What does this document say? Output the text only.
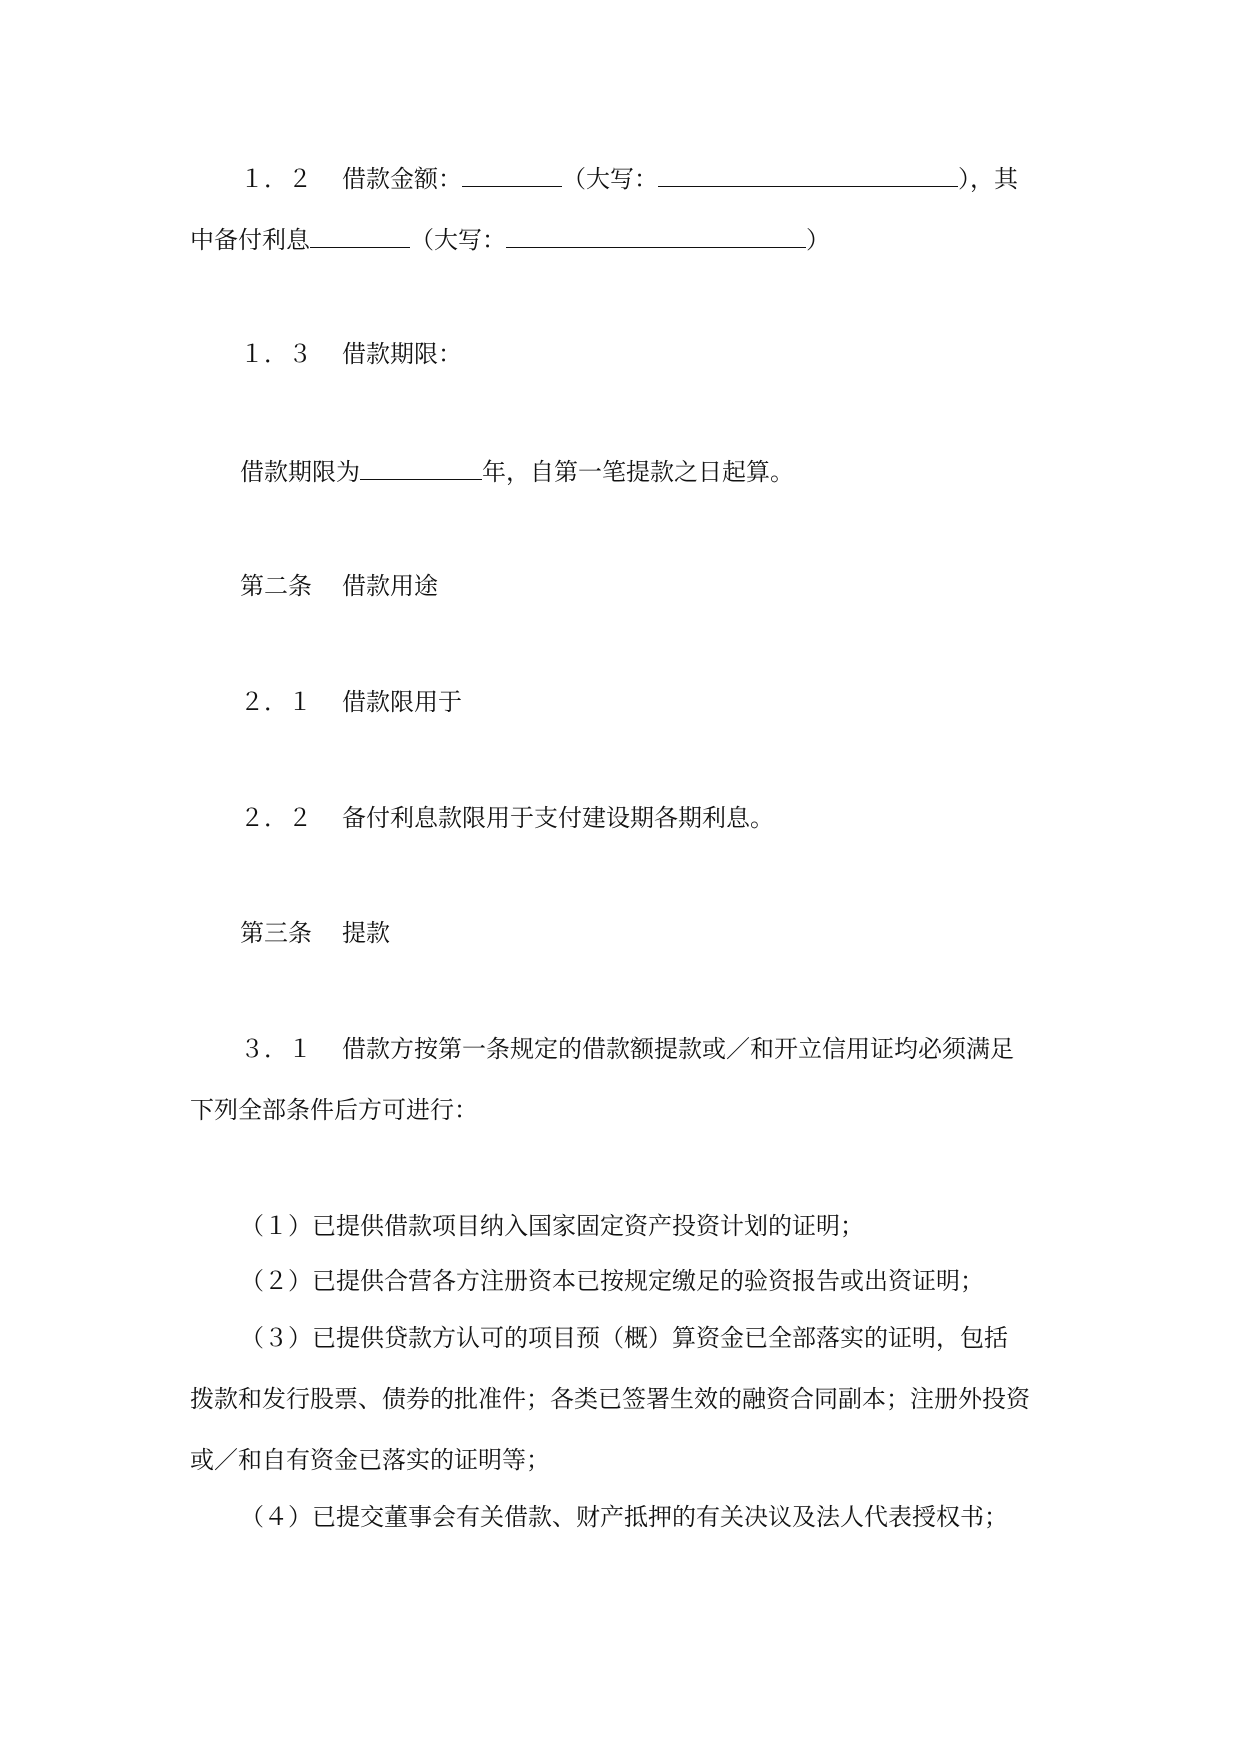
１．２ 借款金额：	（大写：	），其
中备付利息	（大写：	）
１．３ 借款期限：
借款期限为	年，自第一笔提款之日起算。
第二条 借款用途
２．１ 借款限用于
２．２ 备付利息款限用于支付建设期各期利息。
第三条 提款
３．１ 借款方按第一条规定的借款额提款或／和开立信用证均必须满足
下列全部条件后方可进行：
（１）已提供借款项目纳入国家固定资产投资计划的证明；
（２）已提供合营各方注册资本已按规定缴足的验资报告或出资证明；
（３）已提供贷款方认可的项目预（概）算资金已全部落实的证明，包括
拨款和发行股票、债券的批准件；各类已签署生效的融资合同副本；注册外投资
或／和自有资金已落实的证明等；
（４）已提交董事会有关借款、财产抵押的有关决议及法人代表授权书；
